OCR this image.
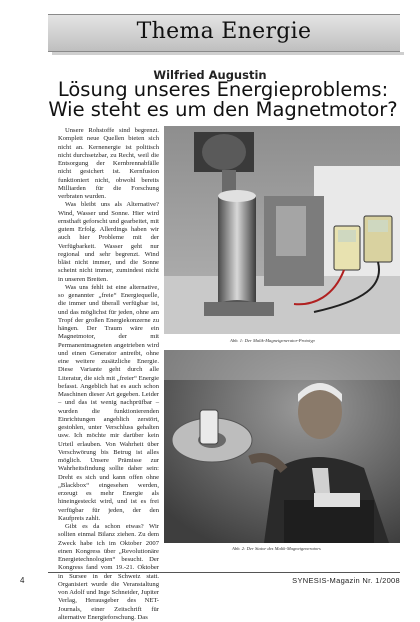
Thema Energie
Wilfried Augustin
Lösung unseres Energieproblems:
Wie steht es um den Magnetmotor?

Unsere Rohstoffe sind begrenzt. Komplett neue Quellen bieten sich nicht an. Kernenergie ist politisch nicht durchsetzbar, zu Recht, weil die Entsorgung der Kernbrennabfälle nicht gesichert ist. Kernfusion funktioniert nicht, obwohl bereits Milliarden für die Forschung verbraten wurden.

Was bleibt uns als Alternative? Wind, Wasser und Sonne. Hier wird ernsthaft geforscht und gearbeitet, mit gutem Erfolg. Allerdings haben wir auch hier Probleme mit der Verfügbarkeit. Wasser geht nur regional und sehr begrenzt. Wind bläst nicht immer, und die Sonne scheint nicht immer, zumindest nicht in unseren Breiten.

Was uns fehlt ist eine alternative, so genannter „freie“ Energiequelle, die immer und überall verfügbar ist, und das möglichst für jeden, ohne am Tropf der großen Energiekonzerne zu hängen. Der Traum wäre ein Magnetmotor, der mit Permanentmagneten angetrieben wird und einen Generator antreibt, ohne eine weitere zusätzliche Energie. Diese Variante geht durch alle Literatur, die sich mit „freier“ Energie befasst. Angeblich hat es auch schon Maschinen dieser Art gegeben. Leider – und das ist wenig nachprüfbar – wurden die funktionierenden Einrichtungen angeblich zerstört, gestohlen, unter Verschluss gehalten usw. Ich möchte mir darüber kein Urteil erlauben. Von Wahrheit über Verschwörung bis Betrug ist alles möglich. Unsere Prämisse zur Wahrheitsfindung sollte daher sein: Dreht es sich und kann offen ohne „Blackbox“ eingesehen werden, erzeugt es mehr Energie als hineingesteckt wird, und ist es frei verfügbar für jeden, der den Kaufpreis zahlt.

Gibt es da schon etwas? Wir sollten einmal Bilanz ziehen. Zu dem Zweck habe ich im Oktober 2007 einen Kongress über „Revolutionäre Energietechnologien“ besucht. Der Kongress fand vom 19.-21. Oktober in Sursee in der Schweiz statt. Organisiert wurde die Veranstaltung von Adolf und Inge Schneider, Jupiter Verlag, Herausgeber des NET-Journals, einer Zeitschrift für alternative Energieforschung. Das

Abb. 1: Der Malik-Magnetgenerator-Prototyp
Abb. 2: Der Stator des Malik-Magnetgenerators
4	SYNESIS-Magazin Nr. 1/2008
